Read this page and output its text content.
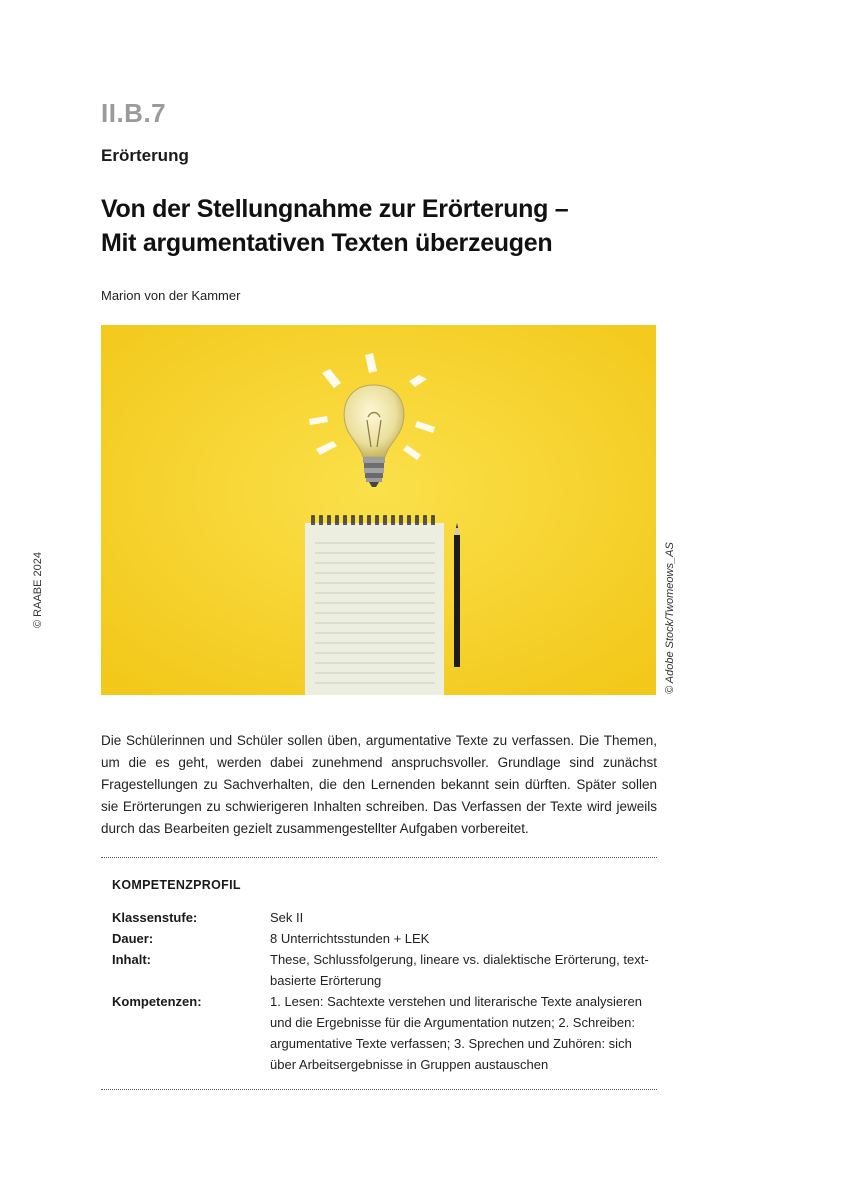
II.B.7
Erörterung
Von der Stellungnahme zur Erörterung –
Mit argumentativen Texten überzeugen
Marion von der Kammer
© RAABE 2024	© Adobe Stock/Twomeows_AS
Die Schülerinnen und Schüler sollen üben, argumentative Texte zu verfassen. Die Themen, um die es geht, werden dabei zunehmend anspruchsvoller. Grundlage sind zunächst Fragestellungen zu Sachverhalten, die den Lernenden bekannt sein dürften. Später sollen sie Erörterungen zu schwierigeren Inhalten schreiben. Das Verfassen der Texte wird jeweils durch das Bearbeiten gezielt zusammengestellter Aufgaben vorbereitet.
KOMPETENZPROFIL
Klassenstufe:	Sek II
Dauer:	8 Unterrichtsstunden + LEK
Inhalt:	These, Schlussfolgerung, lineare vs. dialektische Erörterung, textbasierte Erörterung
Kompetenzen:	1. Lesen: Sachtexte verstehen und literarische Texte analysieren und die Ergebnisse für die Argumentation nutzen; 2. Schreiben: argumentative Texte verfassen; 3. Sprechen und Zuhören: sich über Arbeitsergebnisse in Gruppen austauschen
